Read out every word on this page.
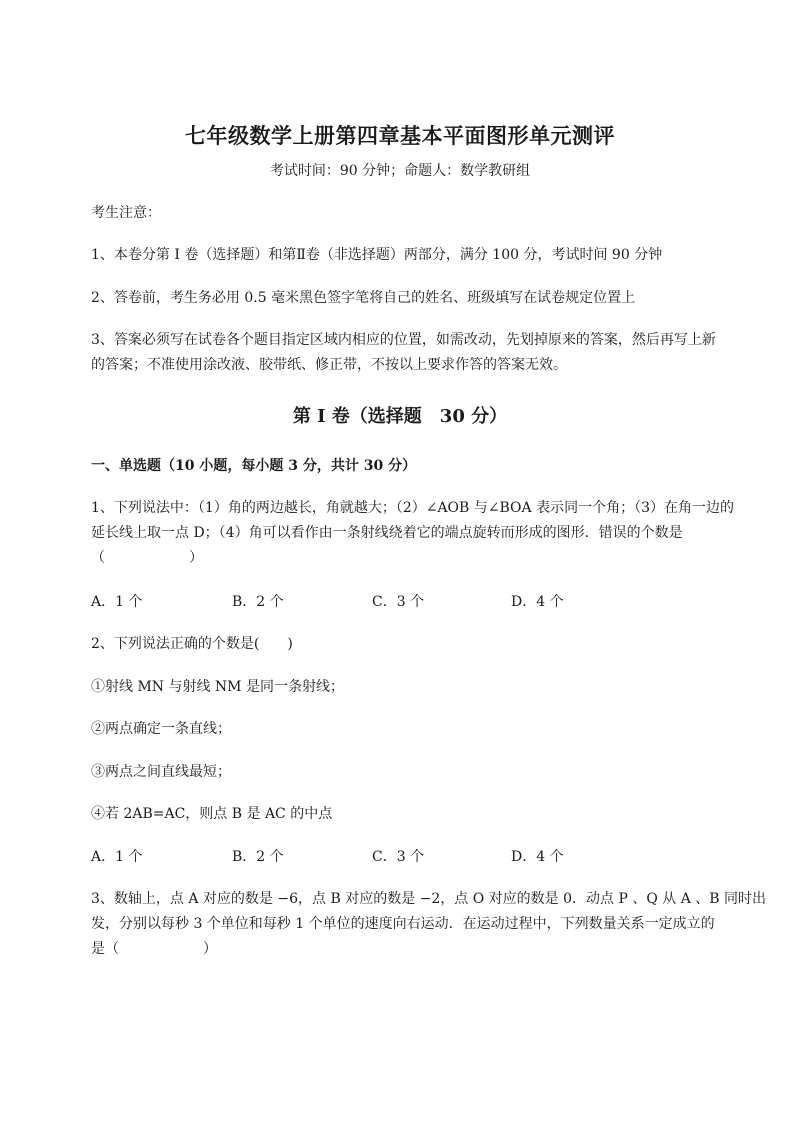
七年级数学上册第四章基本平面图形单元测评
考试时间：90 分钟；命题人：数学教研组
考生注意：
1、本卷分第 I 卷（选择题）和第Ⅱ卷（非选择题）两部分，满分 100 分，考试时间 90 分钟
2、答卷前，考生务必用 0.5 毫米黑色签字笔将自己的姓名、班级填写在试卷规定位置上
3、答案必须写在试卷各个题目指定区域内相应的位置，如需改动，先划掉原来的答案，然后再写上新
的答案；不准使用涂改液、胶带纸、修正带，不按以上要求作答的答案无效。
第 I 卷（选择题　30 分）
一、单选题（10 小题，每小题 3 分，共计 30 分）
1、下列说法中：（1）角的两边越长，角就越大；（2）∠AOB 与∠BOA 表示同一个角；（3）在角一边的
延长线上取一点 D；（4）角可以看作由一条射线绕着它的端点旋转而形成的图形．错误的个数是
（　　　　　　）
A．1 个	B．2 个	C．3 个	D．4 个
2、下列说法正确的个数是(　　)
①射线 MN 与射线 NM 是同一条射线；
②两点确定一条直线；
③两点之间直线最短；
④若 2AB=AC，则点 B 是 AC 的中点
A．1 个	B．2 个	C．3 个	D．4 个
3、数轴上，点 A 对应的数是 −6，点 B 对应的数是 −2，点 O 对应的数是 0．动点 P 、Q 从 A 、B 同时出
发，分别以每秒 3 个单位和每秒 1 个单位的速度向右运动．在运动过程中，下列数量关系一定成立的
是（　　　　　　）
